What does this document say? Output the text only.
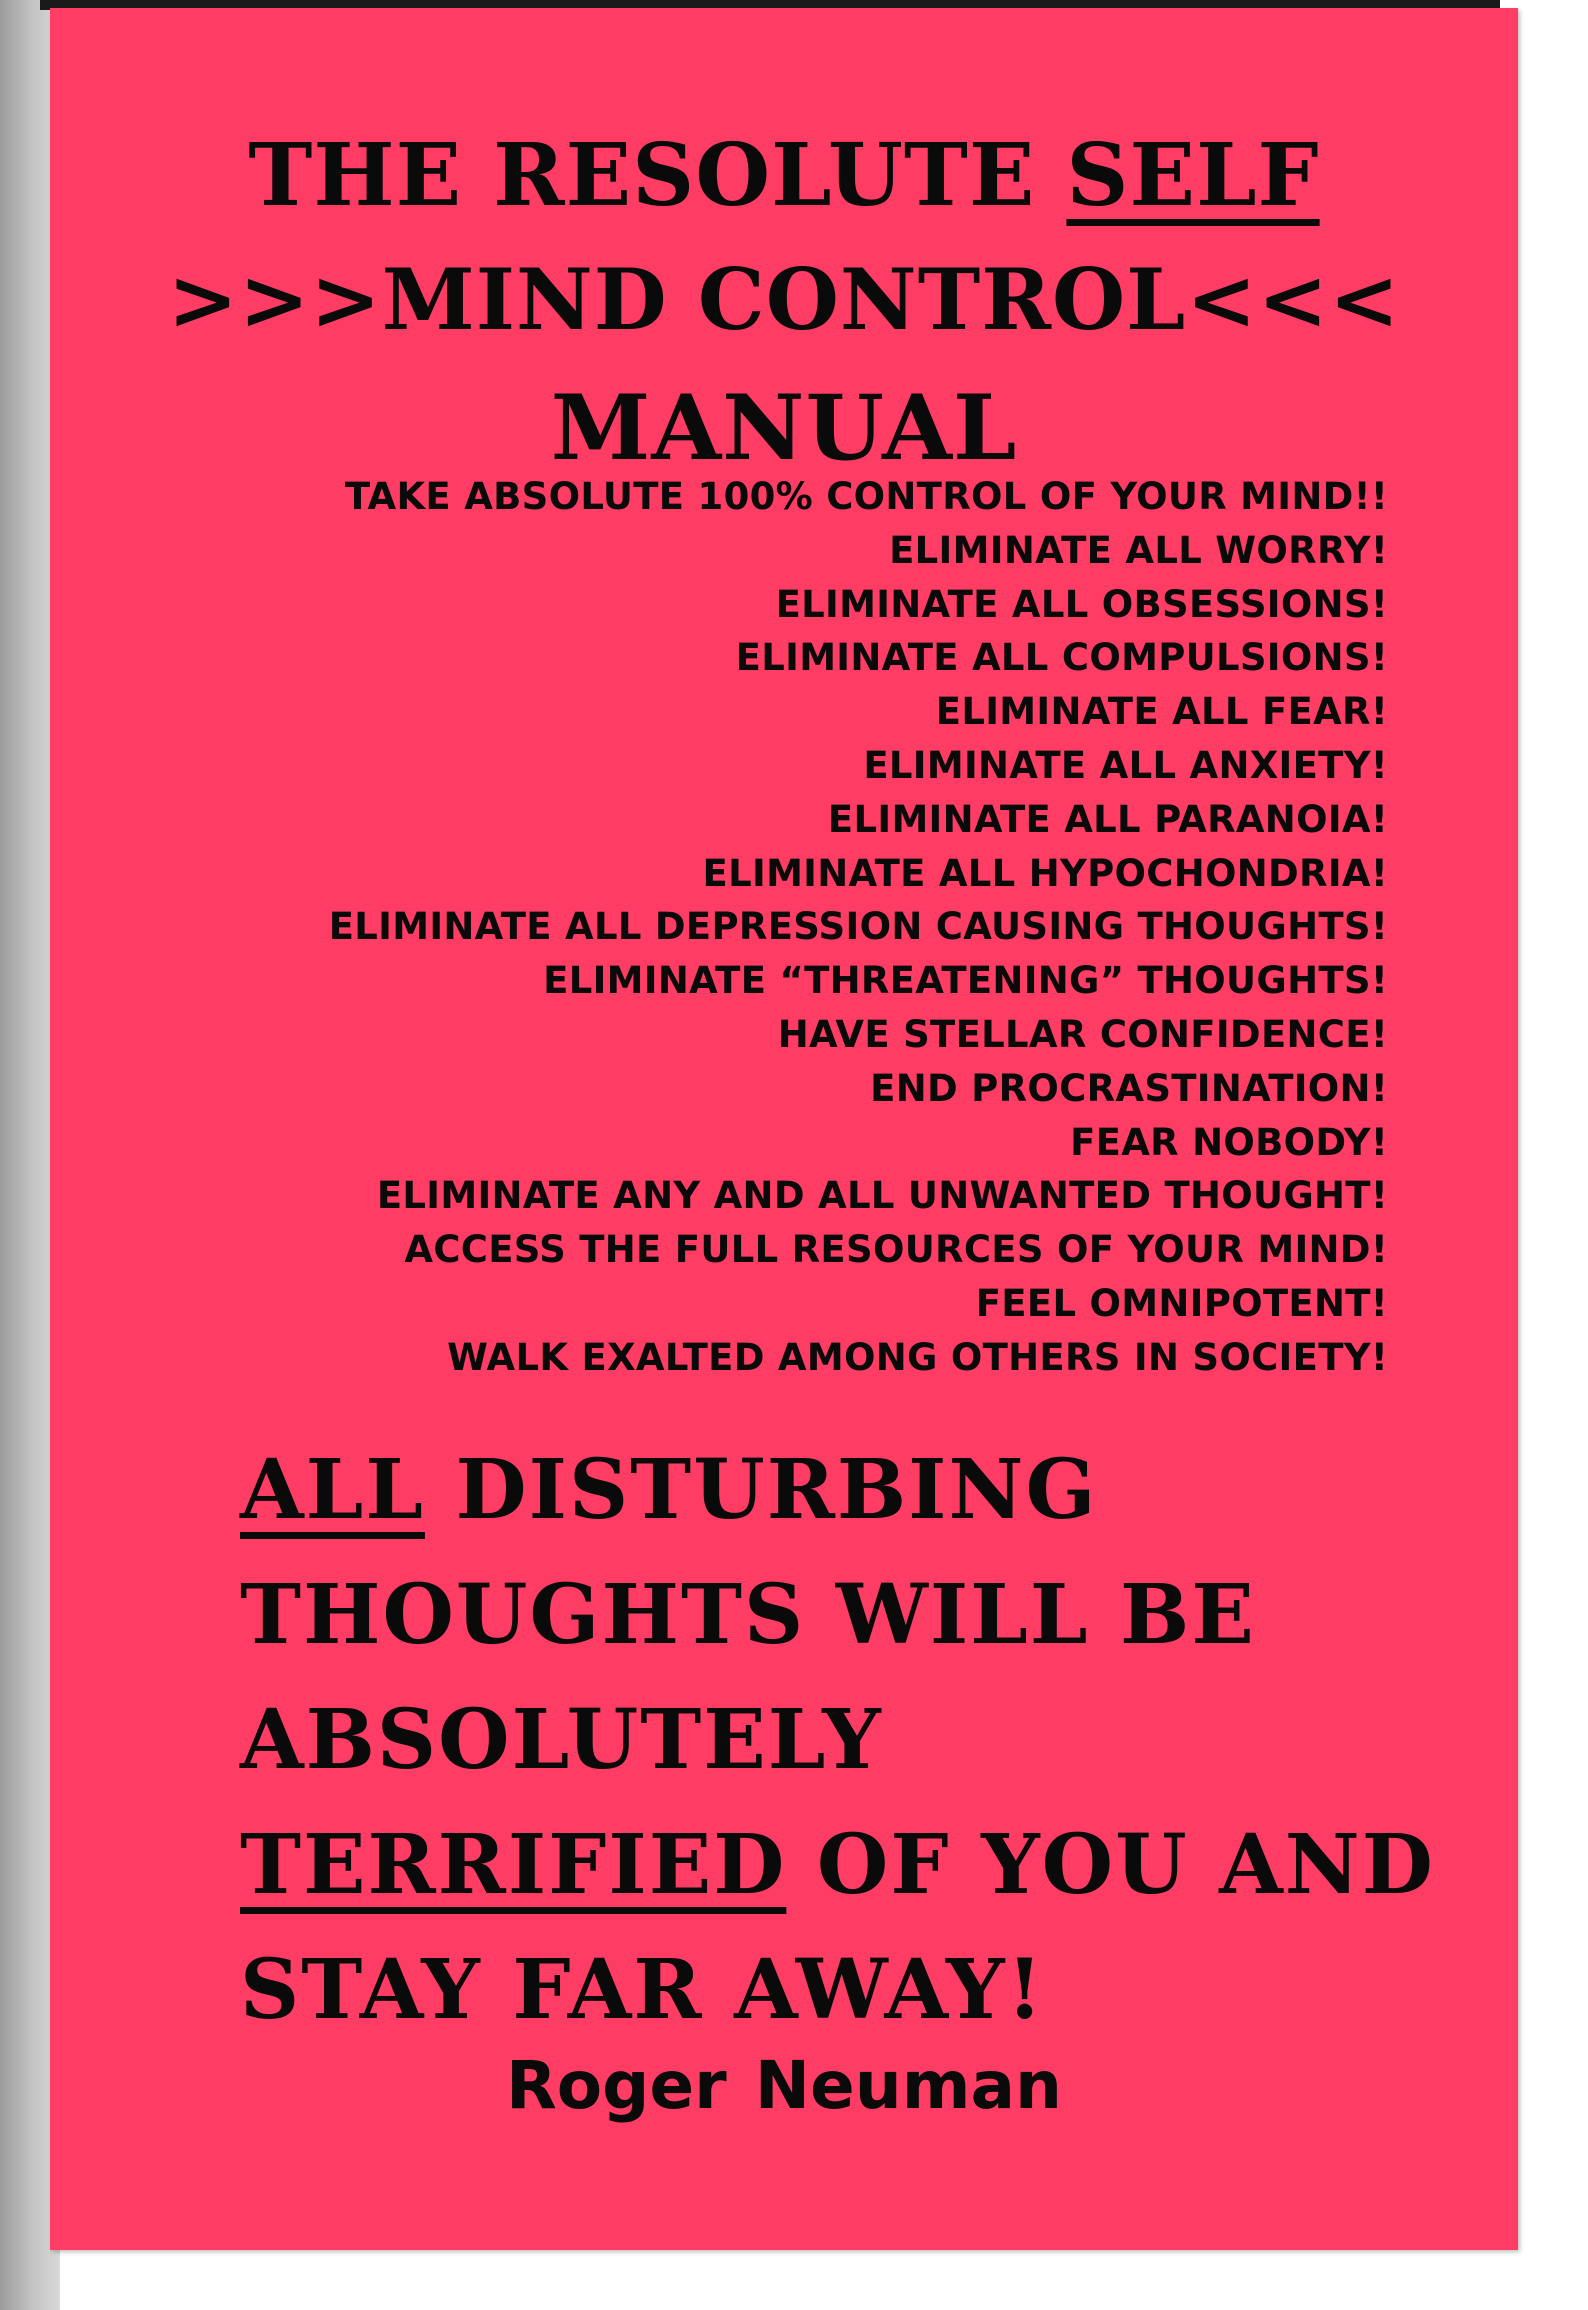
THE RESOLUTE SELF
>>>MIND CONTROL<<<
MANUAL
TAKE ABSOLUTE 100% CONTROL OF YOUR MIND!!
ELIMINATE ALL WORRY!
ELIMINATE ALL OBSESSIONS!
ELIMINATE ALL COMPULSIONS!
ELIMINATE ALL FEAR!
ELIMINATE ALL ANXIETY!
ELIMINATE ALL PARANOIA!
ELIMINATE ALL HYPOCHONDRIA!
ELIMINATE ALL DEPRESSION CAUSING THOUGHTS!
ELIMINATE “THREATENING” THOUGHTS!
HAVE STELLAR CONFIDENCE!
END PROCRASTINATION!
FEAR NOBODY!
ELIMINATE ANY AND ALL UNWANTED THOUGHT!
ACCESS THE FULL RESOURCES OF YOUR MIND!
FEEL OMNIPOTENT!
WALK EXALTED AMONG OTHERS IN SOCIETY!
ALL DISTURBING
THOUGHTS WILL BE
ABSOLUTELY
TERRIFIED OF YOU AND
STAY FAR AWAY!

Roger Neuman
